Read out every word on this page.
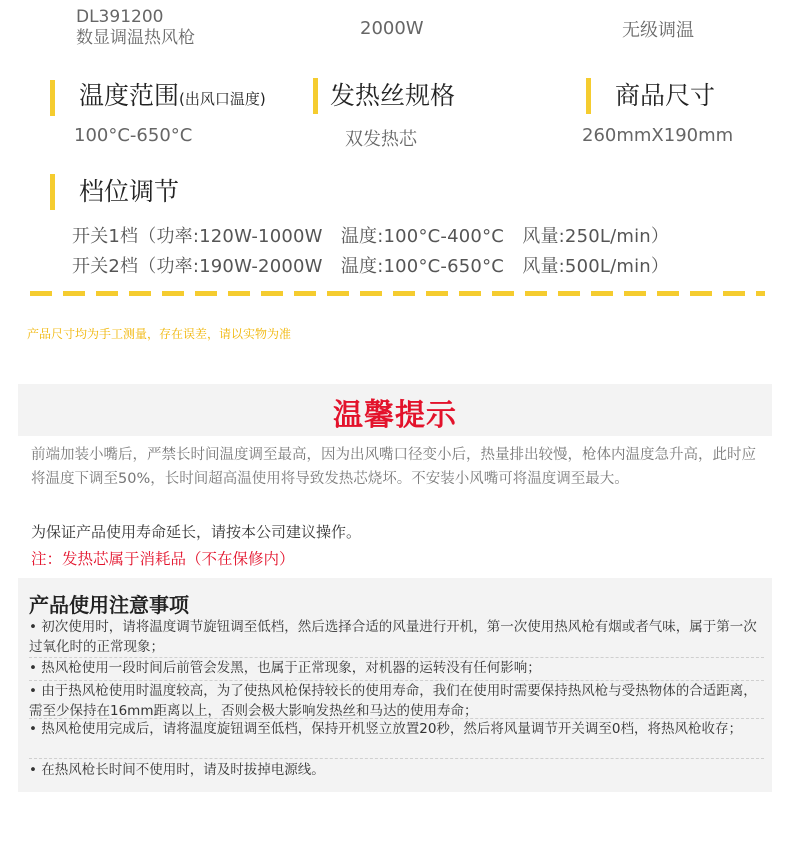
DL391200
数显调温热风枪	2000W	无级调温
温度范围(出风口温度)	发热丝规格	商品尺寸
100°C-650°C	双发热芯	260mmX190mm
档位调节
开关1档（功率:120W-1000W　温度:100°C-400°C　风量:250L/min）
开关2档（功率:190W-2000W　温度:100°C-650°C　风量:500L/min）
产品尺寸均为手工测量，存在误差，请以实物为准
温馨提示
前端加装小嘴后，严禁长时间温度调至最高，因为出风嘴口径变小后，热量排出较慢，枪体内温度急升高，此时应将温度下调至50%，长时间超高温使用将导致发热芯烧坏。不安装小风嘴可将温度调至最大。
为保证产品使用寿命延长，请按本公司建议操作。
注：发热芯属于消耗品（不在保修内）
产品使用注意事项
• 初次使用时，请将温度调节旋钮调至低档，然后选择合适的风量进行开机，第一次使用热风枪有烟或者气味，属于第一次过氧化时的正常现象；
• 热风枪使用一段时间后前管会发黑，也属于正常现象，对机器的运转没有任何影响；
• 由于热风枪使用时温度较高，为了使热风枪保持较长的使用寿命，我们在使用时需要保持热风枪与受热物体的合适距离，需至少保持在16mm距离以上，否则会极大影响发热丝和马达的使用寿命；
• 热风枪使用完成后，请将温度旋钮调至低档，保持开机竖立放置20秒，然后将风量调节开关调至0档，将热风枪收存；
• 在热风枪长时间不使用时，请及时拔掉电源线。
